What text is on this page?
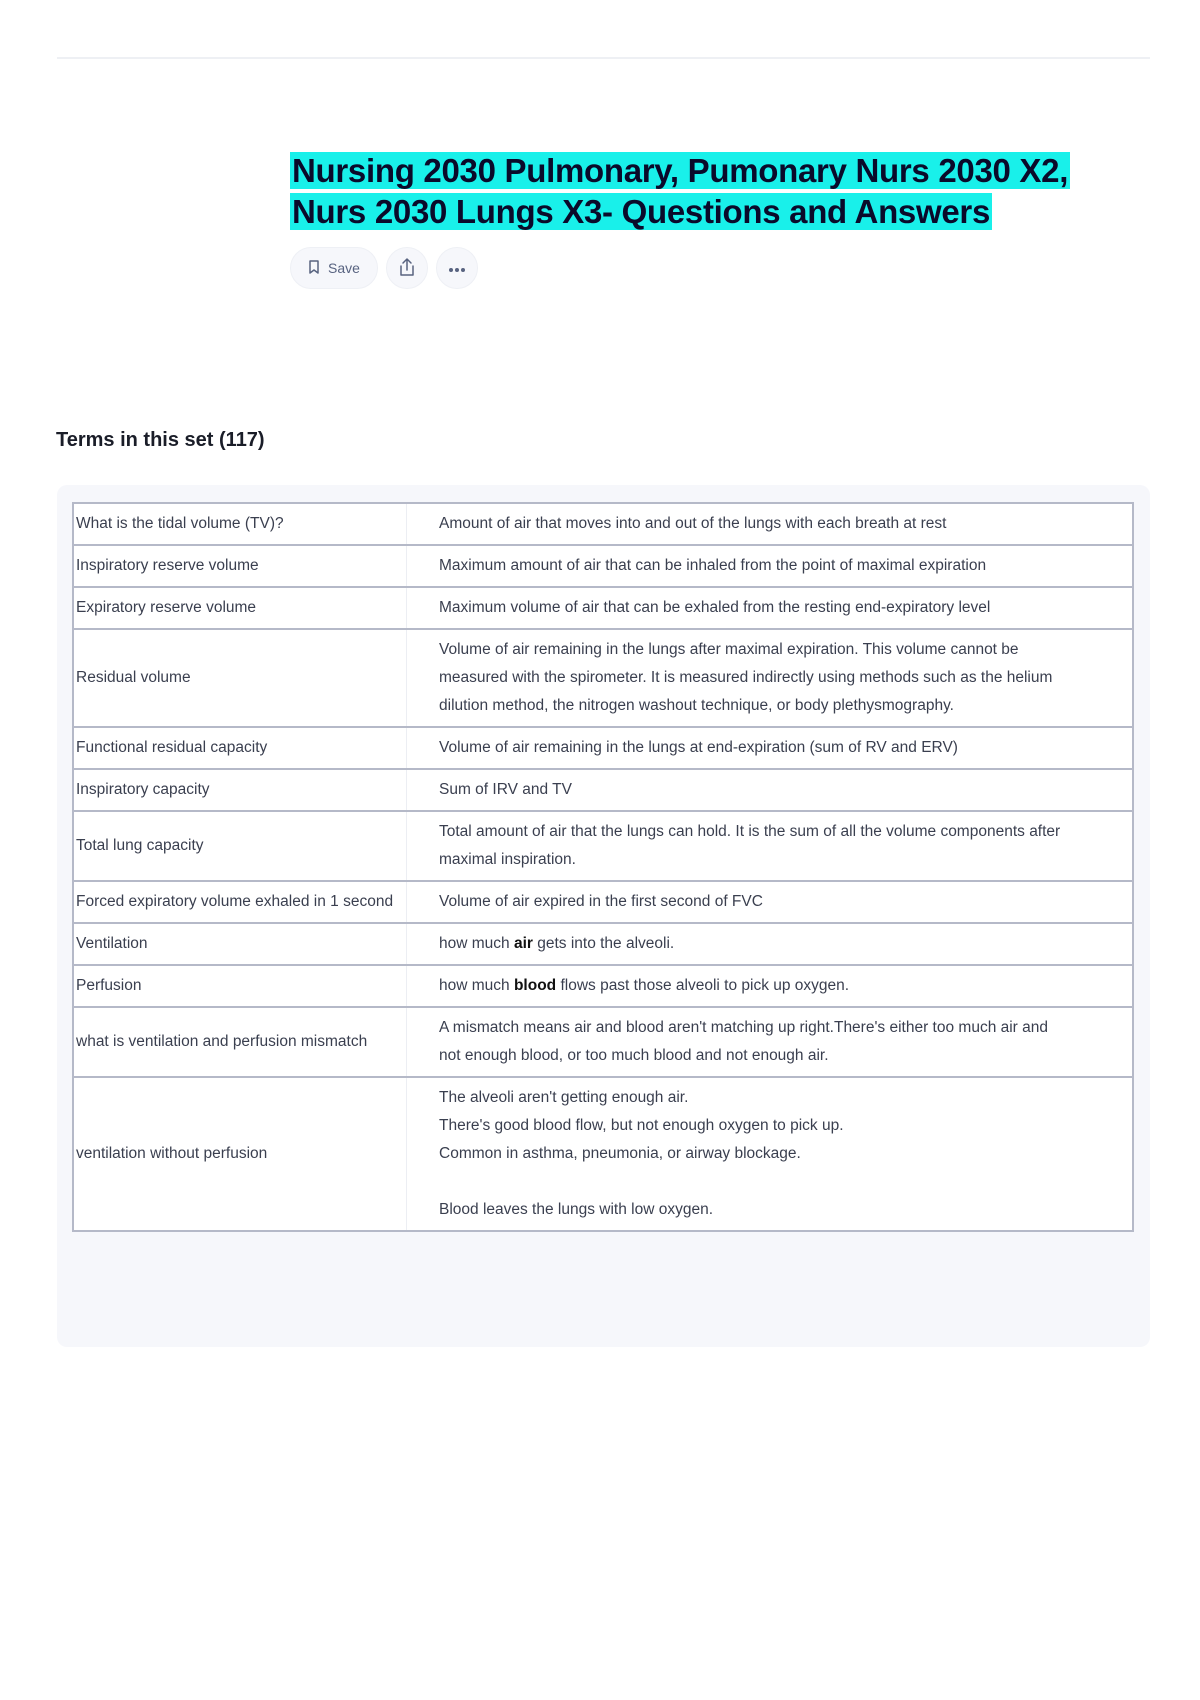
Nursing 2030 Pulmonary, Pumonary Nurs 2030 X2, Nurs 2030 Lungs X3- Questions and Answers
Save
Terms in this set (117)
What is the tidal volume (TV)?	Amount of air that moves into and out of the lungs with each breath at rest
Inspiratory reserve volume	Maximum amount of air that can be inhaled from the point of maximal expiration
Expiratory reserve volume	Maximum volume of air that can be exhaled from the resting end-expiratory level
Residual volume	Volume of air remaining in the lungs after maximal expiration. This volume cannot be measured with the spirometer. It is measured indirectly using methods such as the helium dilution method, the nitrogen washout technique, or body plethysmography.
Functional residual capacity	Volume of air remaining in the lungs at end-expiration (sum of RV and ERV)
Inspiratory capacity	Sum of IRV and TV
Total lung capacity	Total amount of air that the lungs can hold. It is the sum of all the volume components after maximal inspiration.
Forced expiratory volume exhaled in 1 second	Volume of air expired in the first second of FVC
Ventilation	how much air gets into the alveoli.
Perfusion	how much blood flows past those alveoli to pick up oxygen.
what is ventilation and perfusion mismatch	A mismatch means air and blood aren't matching up right.There's either too much air and not enough blood, or too much blood and not enough air.
ventilation without perfusion	The alveoli aren't getting enough air.
There's good blood flow, but not enough oxygen to pick up.
Common in asthma, pneumonia, or airway blockage.
Blood leaves the lungs with low oxygen.
